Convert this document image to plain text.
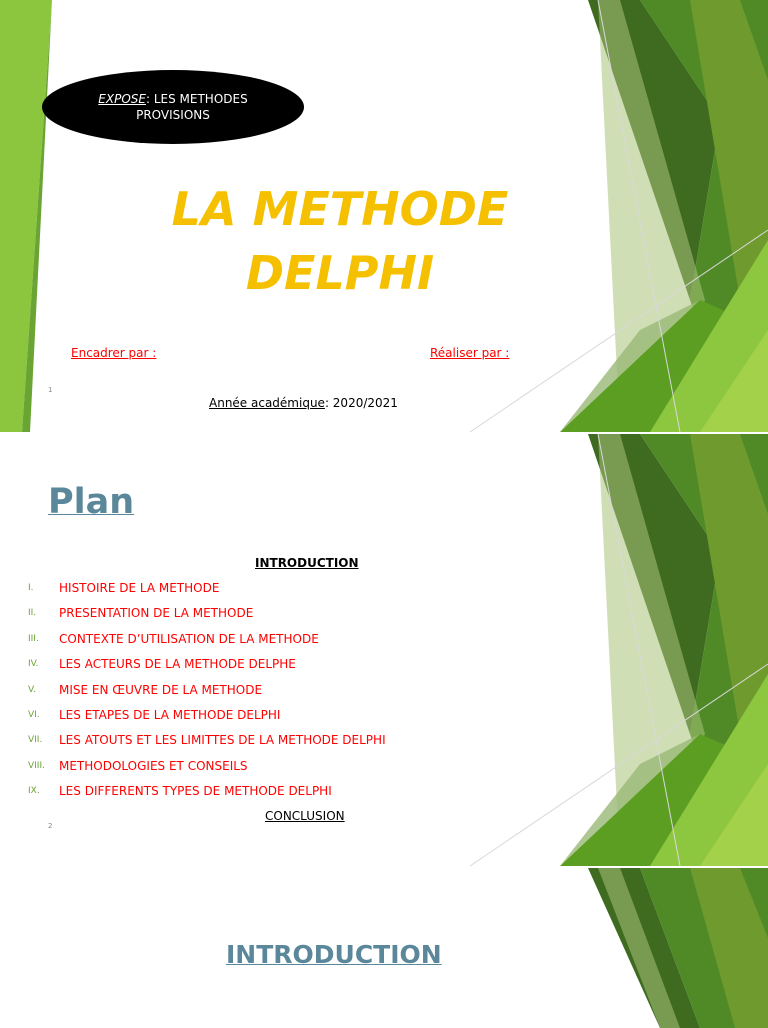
EXPOSE: LES METHODES
PROVISIONS
LA METHODE
DELPHI
Encadrer par :	Réaliser par :
1
Année académique: 2020/2021
Plan
INTRODUCTION
I.	HISTOIRE DE LA METHODE
II.	PRESENTATION DE LA METHODE
III.	CONTEXTE D’UTILISATION DE LA METHODE
IV.	LES ACTEURS DE LA METHODE DELPHE
V.	MISE EN ŒUVRE DE LA METHODE
VI.	LES ETAPES DE LA METHODE DELPHI
VII.	LES ATOUTS ET LES LIMITTES DE LA METHODE DELPHI
VIII.	METHODOLOGIES ET CONSEILS
IX.	LES DIFFERENTS TYPES DE METHODE DELPHI
CONCLUSION
2
INTRODUCTION
